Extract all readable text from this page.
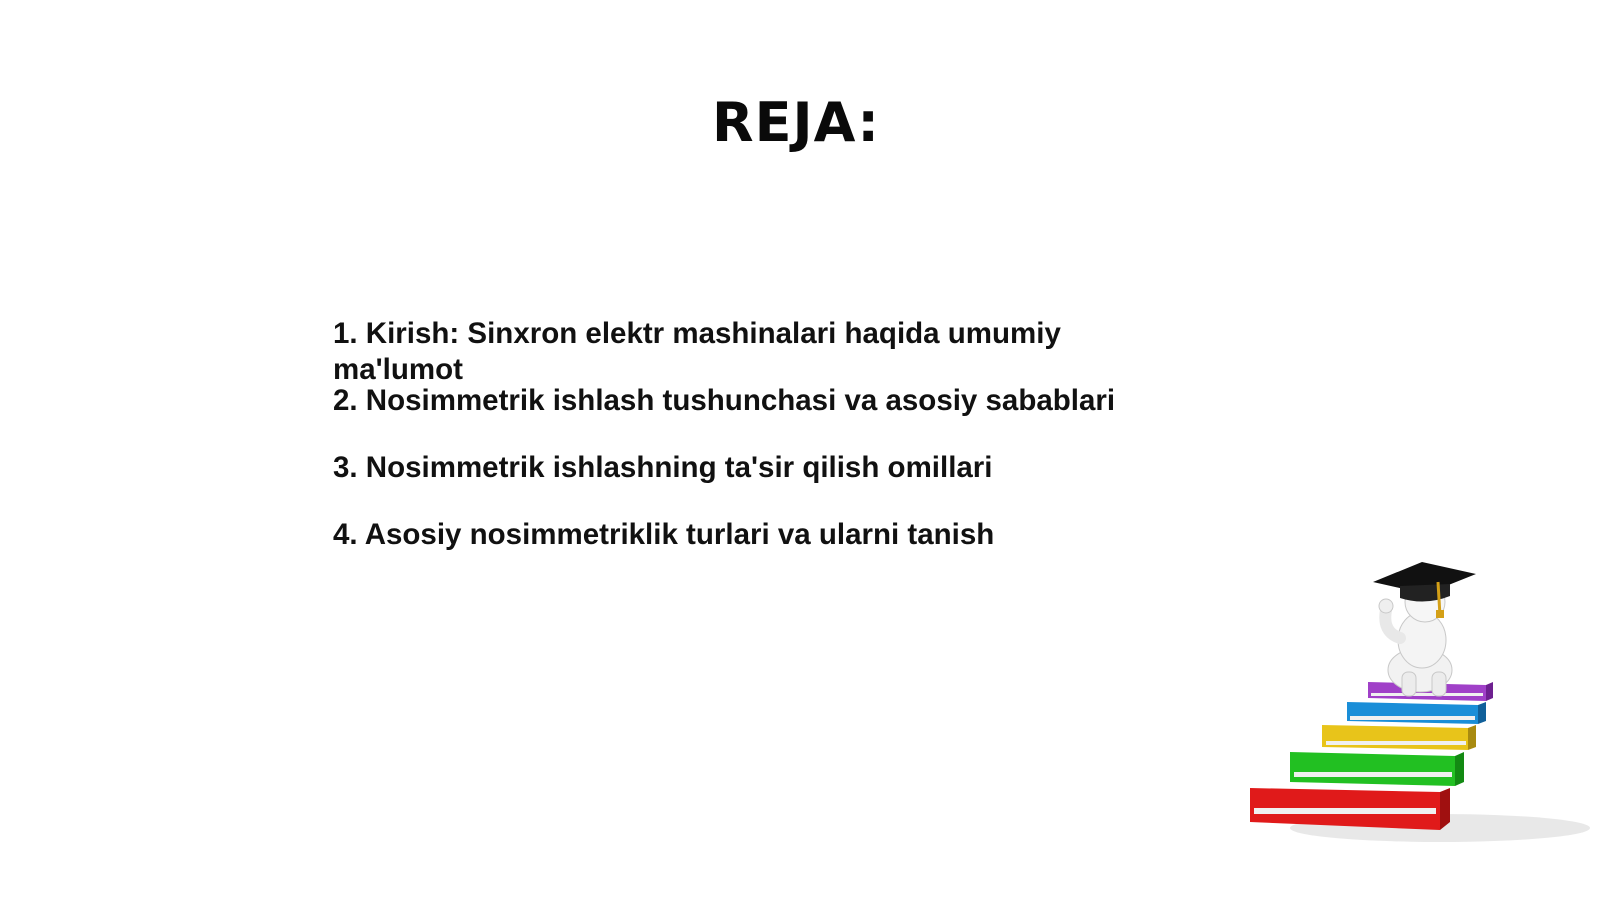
REJA:
1. Kirish: Sinxron elektr mashinalari haqida umumiy ma'lumot
2. Nosimmetrik ishlash tushunchasi va asosiy sabablari
3. Nosimmetrik ishlashning ta'sir qilish omillari
4. Asosiy nosimmetriklik turlari va ularni tanish
